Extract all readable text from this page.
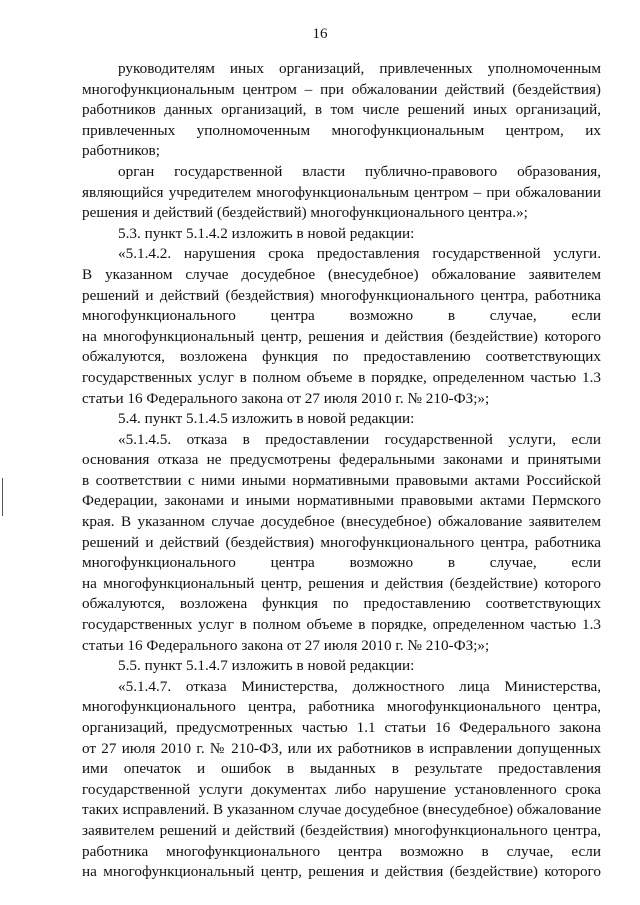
16
руководителям иных организаций, привлеченных уполномоченным
многофункциональным центром – при обжаловании действий (бездействия)
работников данных организаций, в том числе решений иных организаций,
привлеченных уполномоченным многофункциональным центром, их
работников;
орган государственной власти публично-правового образования,
являющийся учредителем многофункциональным центром – при обжаловании
решения и действий (бездействий) многофункционального центра.»;
5.3. пункт 5.1.4.2 изложить в новой редакции:
«5.1.4.2. нарушения срока предоставления государственной услуги.
В указанном случае досудебное (внесудебное) обжалование заявителем
решений и действий (бездействия) многофункционального центра, работника
многофункционального центра возможно в случае, если
на многофункциональный центр, решения и действия (бездействие) которого
обжалуются, возложена функция по предоставлению соответствующих
государственных услуг в полном объеме в порядке, определенном частью 1.3
статьи 16 Федерального закона от 27 июля 2010 г. № 210-ФЗ;»;
5.4. пункт 5.1.4.5 изложить в новой редакции:
«5.1.4.5. отказа в предоставлении государственной услуги, если
основания отказа не предусмотрены федеральными законами и принятыми
в соответствии с ними иными нормативными правовыми актами Российской
Федерации, законами и иными нормативными правовыми актами Пермского
края. В указанном случае досудебное (внесудебное) обжалование заявителем
решений и действий (бездействия) многофункционального центра, работника
многофункционального центра возможно в случае, если
на многофункциональный центр, решения и действия (бездействие) которого
обжалуются, возложена функция по предоставлению соответствующих
государственных услуг в полном объеме в порядке, определенном частью 1.3
статьи 16 Федерального закона от 27 июля 2010 г. № 210-ФЗ;»;
5.5. пункт 5.1.4.7 изложить в новой редакции:
«5.1.4.7. отказа Министерства, должностного лица Министерства,
многофункционального центра, работника многофункционального центра,
организаций, предусмотренных частью 1.1 статьи 16 Федерального закона
от 27 июля 2010 г. № 210-ФЗ, или их работников в исправлении допущенных
ими опечаток и ошибок в выданных в результате предоставления
государственной услуги документах либо нарушение установленного срока
таких исправлений. В указанном случае досудебное (внесудебное) обжалование
заявителем решений и действий (бездействия) многофункционального центра,
работника многофункционального центра возможно в случае, если
на многофункциональный центр, решения и действия (бездействие) которого
